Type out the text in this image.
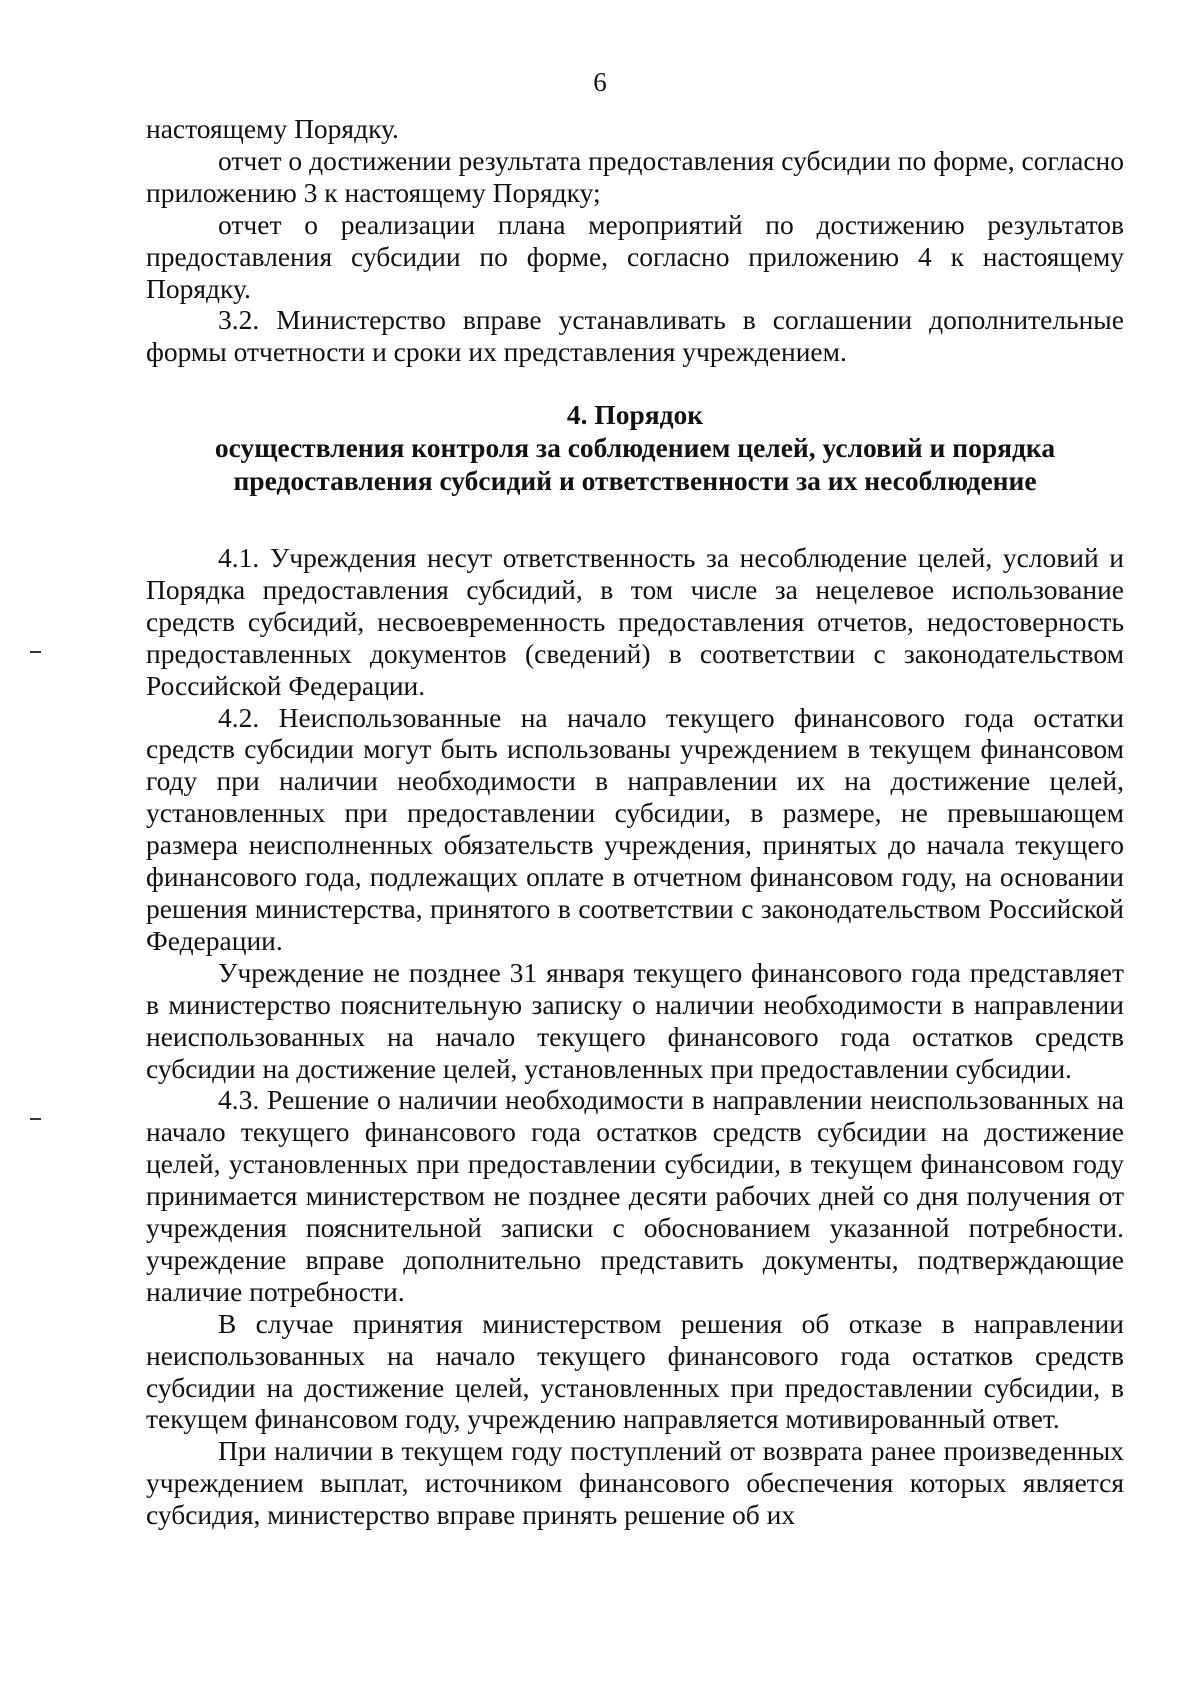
6

настоящему Порядку.

отчет о достижении результата предоставления субсидии по форме, согласно приложению 3 к настоящему Порядку;

отчет о реализации плана мероприятий по достижению результатов предоставления субсидии по форме, согласно приложению 4 к настоящему Порядку.

3.2. Министерство вправе устанавливать в соглашении дополнительные формы отчетности и сроки их представления учреждением.

4. Порядок
осуществления контроля за соблюдением целей, условий и порядка
предоставления субсидий и ответственности за их несоблюдение

4.1. Учреждения несут ответственность за несоблюдение целей, условий и Порядка предоставления субсидий, в том числе за нецелевое использование средств субсидий, несвоевременность предоставления отчетов, недостоверность предоставленных документов (сведений) в соответствии с законодательством Российской Федерации.

4.2. Неиспользованные на начало текущего финансового года остатки средств субсидии могут быть использованы учреждением в текущем финансовом году при наличии необходимости в направлении их на достижение целей, установленных при предоставлении субсидии, в размере, не превышающем размера неисполненных обязательств учреждения, принятых до начала текущего финансового года, подлежащих оплате в отчетном финансовом году, на основании решения министерства, принятого в соответствии с законодательством Российской Федерации.

Учреждение не позднее 31 января текущего финансового года представляет в министерство пояснительную записку о наличии необходимости в направлении неиспользованных на начало текущего финансового года остатков средств субсидии на достижение целей, установленных при предоставлении субсидии.

4.3. Решение о наличии необходимости в направлении неиспользованных на начало текущего финансового года остатков средств субсидии на достижение целей, установленных при предоставлении субсидии, в текущем финансовом году принимается министерством не позднее десяти рабочих дней со дня получения от учреждения пояснительной записки с обоснованием указанной потребности. учреждение вправе дополнительно представить документы, подтверждающие наличие потребности.

В случае принятия министерством решения об отказе в направлении неиспользованных на начало текущего финансового года остатков средств субсидии на достижение целей, установленных при предоставлении субсидии, в текущем финансовом году, учреждению направляется мотивированный ответ.

При наличии в текущем году поступлений от возврата ранее произведенных учреждением выплат, источником финансового обеспечения которых является субсидия, министерство вправе принять решение об их
